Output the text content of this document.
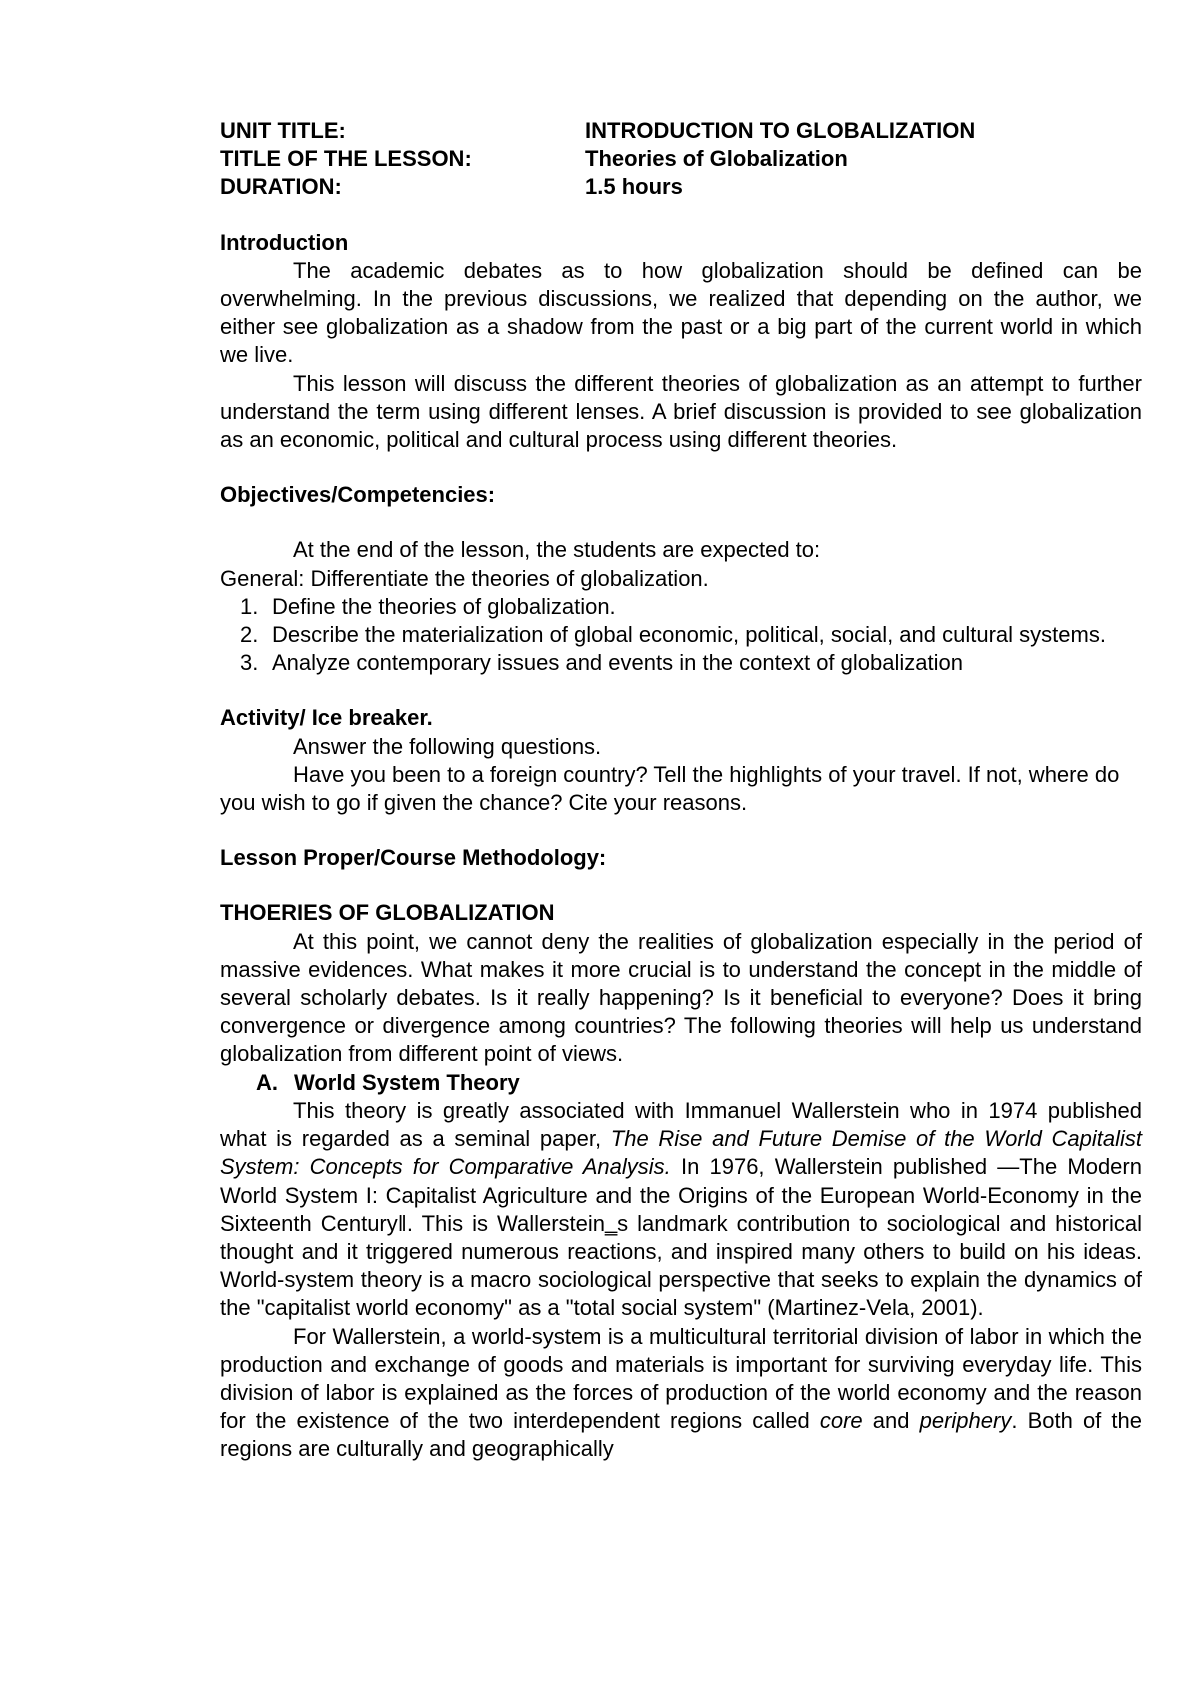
UNIT TITLE:	INTRODUCTION TO GLOBALIZATION
TITLE OF THE LESSON:	Theories of Globalization
DURATION:	1.5 hours
Introduction
The academic debates as to how globalization should be defined can be overwhelming. In the previous discussions, we realized that depending on the author, we either see globalization as a shadow from the past or a big part of the current world in which we live.
This lesson will discuss the different theories of globalization as an attempt to further understand the term using different lenses. A brief discussion is provided to see globalization as an economic, political and cultural process using different theories.
Objectives/Competencies:
At the end of the lesson, the students are expected to:
General: Differentiate the theories of globalization.
1. Define the theories of globalization.
2. Describe the materialization of global economic, political, social, and cultural systems.
3. Analyze contemporary issues and events in the context of globalization
Activity/ Ice breaker.
Answer the following questions.
Have you been to a foreign country? Tell the highlights of your travel. If not, where do you wish to go if given the chance? Cite your reasons.
Lesson Proper/Course Methodology:
THOERIES OF GLOBALIZATION
At this point, we cannot deny the realities of globalization especially in the period of massive evidences. What makes it more crucial is to understand the concept in the middle of several scholarly debates. Is it really happening? Is it beneficial to everyone? Does it bring convergence or divergence among countries? The following theories will help us understand globalization from different point of views.
A. World System Theory
This theory is greatly associated with Immanuel Wallerstein who in 1974 published what is regarded as a seminal paper, The Rise and Future Demise of the World Capitalist System: Concepts for Comparative Analysis. In 1976, Wallerstein published ―The Modern World System I: Capitalist Agriculture and the Origins of the European World-Economy in the Sixteenth Century‖. This is Wallerstein‗s landmark contribution to sociological and historical thought and it triggered numerous reactions, and inspired many others to build on his ideas. World-system theory is a macro sociological perspective that seeks to explain the dynamics of the "capitalist world economy" as a "total social system" (Martinez-Vela, 2001).
For Wallerstein, a world-system is a multicultural territorial division of labor in which the production and exchange of goods and materials is important for surviving everyday life. This division of labor is explained as the forces of production of the world economy and the reason for the existence of the two interdependent regions called core and periphery. Both of the regions are culturally and geographically
